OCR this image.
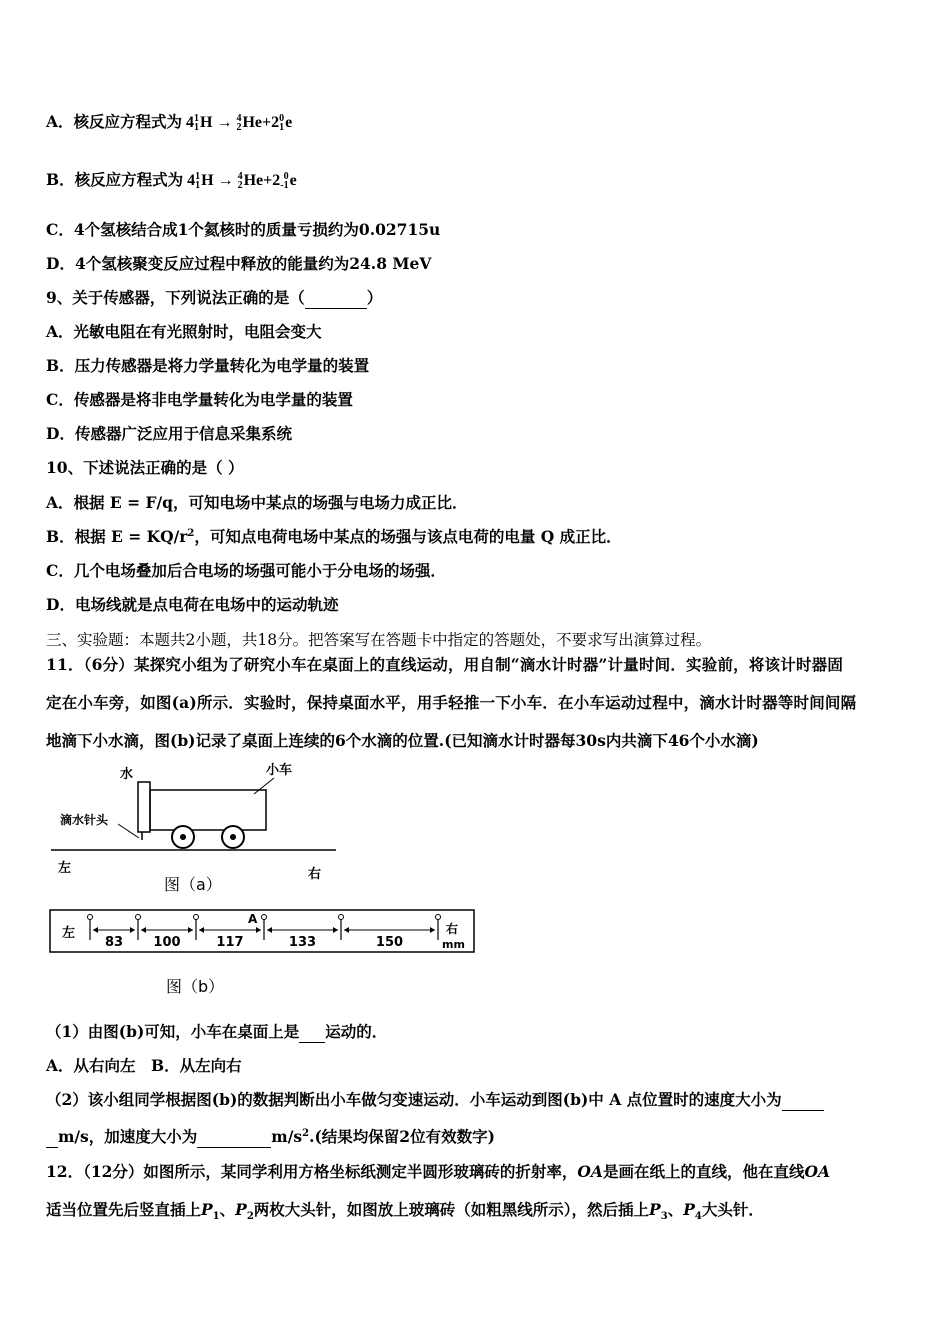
A．核反应方程式为 4 1
1 H → 4
2 He+2 0
1 e
B．核反应方程式为 4 1
1 H → 4
2 He+2 0
-1 e
C．4个氢核结合成1个氦核时的质量亏损约为0.02715u
D．4个氢核聚变反应过程中释放的能量约为24.8 MeV
9、关于传感器，下列说法正确的是（	）
A．光敏电阻在有光照射时，电阻会变大
B．压力传感器是将力学量转化为电学量的装置
C．传感器是将非电学量转化为电学量的装置
D．传感器广泛应用于信息采集系统
10、下述说法正确的是（ ）
A．根据 E = F/q，可知电场中某点的场强与电场力成正比．
B．根据 $E = KQ/r^2$，可知点电荷电场中某点的场强与该点电荷的电量 Q 成正比．
C．几个电场叠加后合电场的场强可能小于分电场的场强．
D．电场线就是点电荷在电场中的运动轨迹
三、实验题：本题共2小题，共18分。把答案写在答题卡中指定的答题处，不要求写出演算过程。
11．（6分）某探究小组为了研究小车在桌面上的直线运动，用自制“滴水计时器”计量时间．实验前，将该计时器固
定在小车旁，如图(a)所示．实验时，保持桌面水平，用手轻推一下小车．在小车运动过程中，滴水计时器等时间间隔
地滴下小水滴，图(b)记录了桌面上连续的6个水滴的位置.(已知滴水计时器每30s内共滴下46个小水滴)
水	小车
滴水针头
左	右
图（a）
左	右
mm
A
83 100	117	133	150
图（b）
（1）由图(b)可知，小车在桌面上是 运动的．
A．从右向左　B．从左向右
（2）该小组同学根据图(b)的数据判断出小车做匀变速运动．小车运动到图(b)中 A 点位置时的速度大小为
m/s，加速度大小为	$m/s^2$.(结果均保留2位有效数字)
12．（12分）如图所示，某同学利用方格坐标纸测定半圆形玻璃砖的折射率，OA是画在纸上的直线，他在直线OA
适当位置先后竖直插上$P_1$、$P_2$两枚大头针，如图放上玻璃砖（如粗黑线所示），然后插上$P_3$、$P_4$大头针．
